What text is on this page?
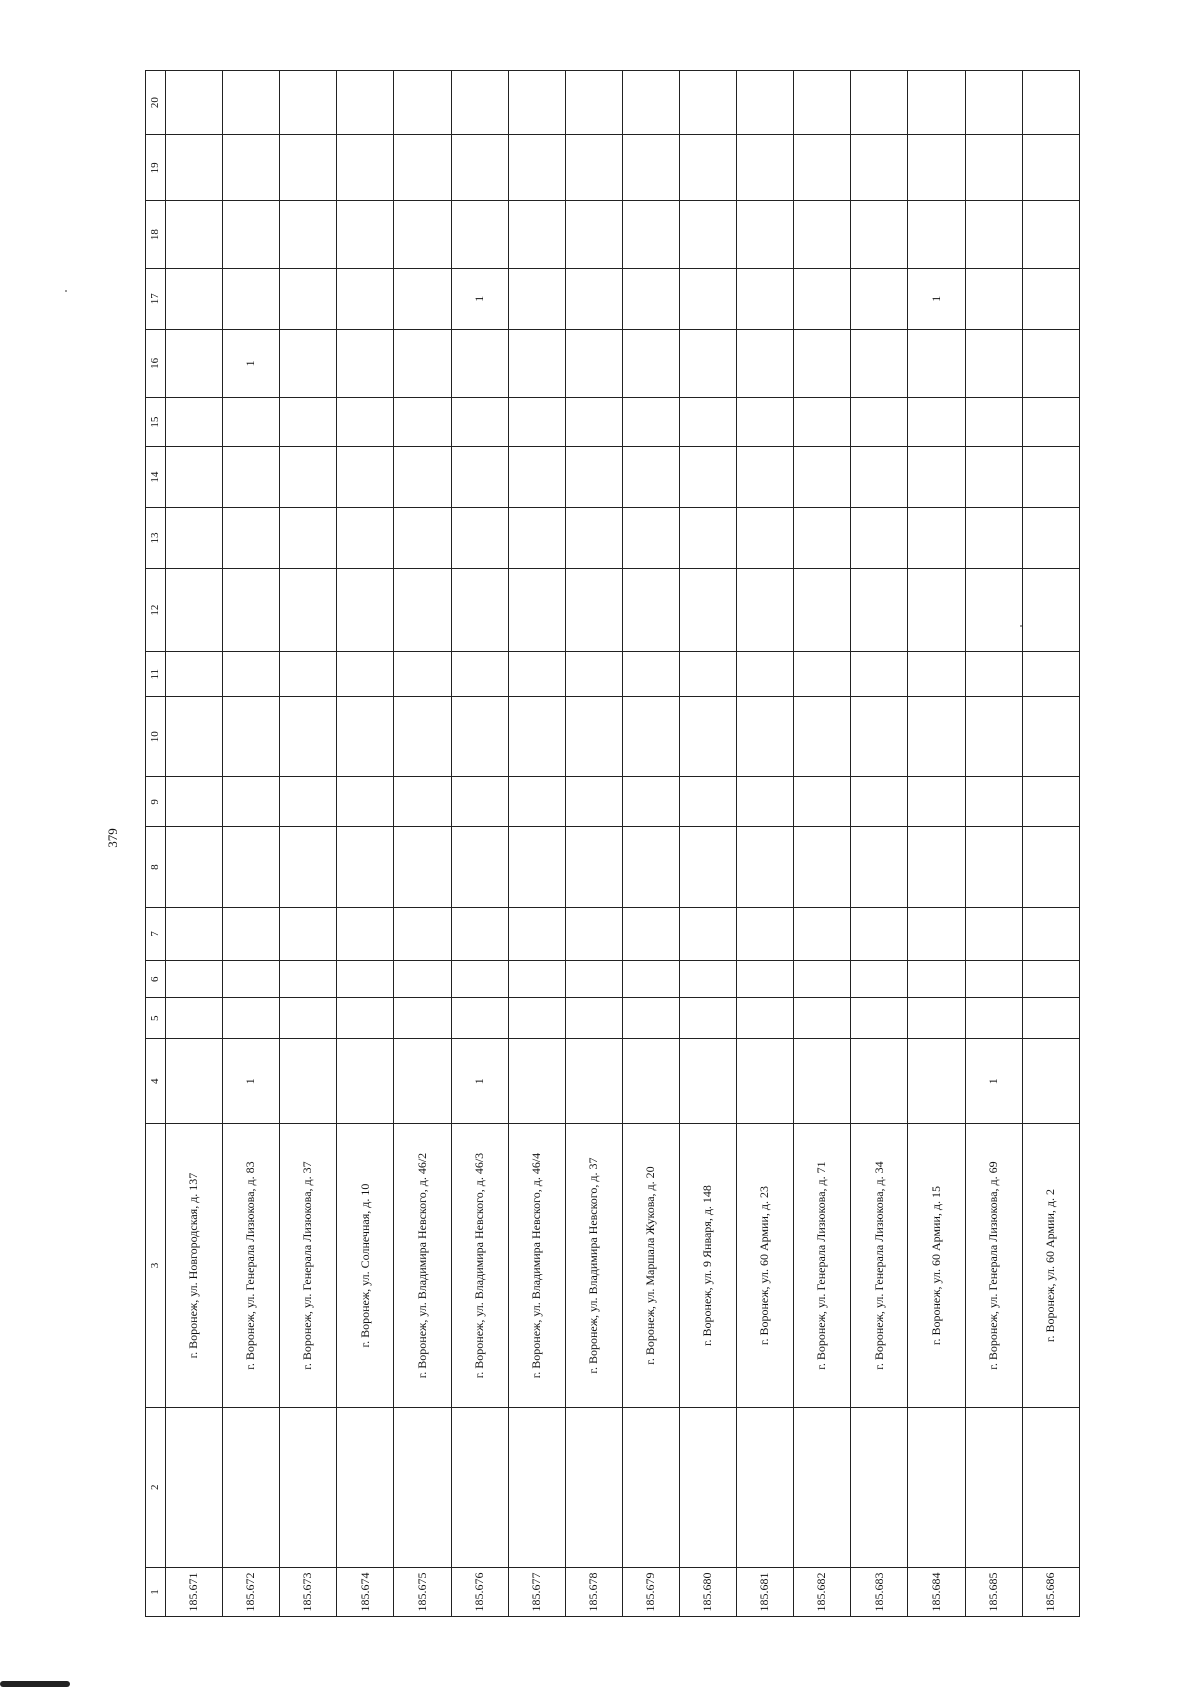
379
1	2	3	4	5	6	7	8	9	10	11	12	13	14	15	16	17	18	19	20
185.671		г. Воронеж, ул. Новгородская, д. 137																	
185.672		г. Воронеж, ул. Генерала Лизюкова, д. 83	1												1				
185.673		г. Воронеж, ул. Генерала Лизюкова, д. 37																	
185.674		г. Воронеж, ул. Солнечная, д. 10																	
185.675		г. Воронеж, ул. Владимира Невского, д. 46/2																	
185.676		г. Воронеж, ул. Владимира Невского, д. 46/3	1													1			
185.677		г. Воронеж, ул. Владимира Невского, д. 46/4																	
185.678		г. Воронеж, ул. Владимира Невского, д. 37																	
185.679		г. Воронеж, ул. Маршала Жукова, д. 20																	
185.680		г. Воронеж, ул. 9 Января, д. 148																	
185.681		г. Воронеж, ул. 60 Армии, д. 23																	
185.682		г. Воронеж, ул. Генерала Лизюкова, д. 71																	
185.683		г. Воронеж, ул. Генерала Лизюкова, д. 34																	
185.684		г. Воронеж, ул. 60 Армии, д. 15														1			
185.685		г. Воронеж, ул. Генерала Лизюкова, д. 69	1																
185.686		г. Воронеж, ул. 60 Армии, д. 2																	
